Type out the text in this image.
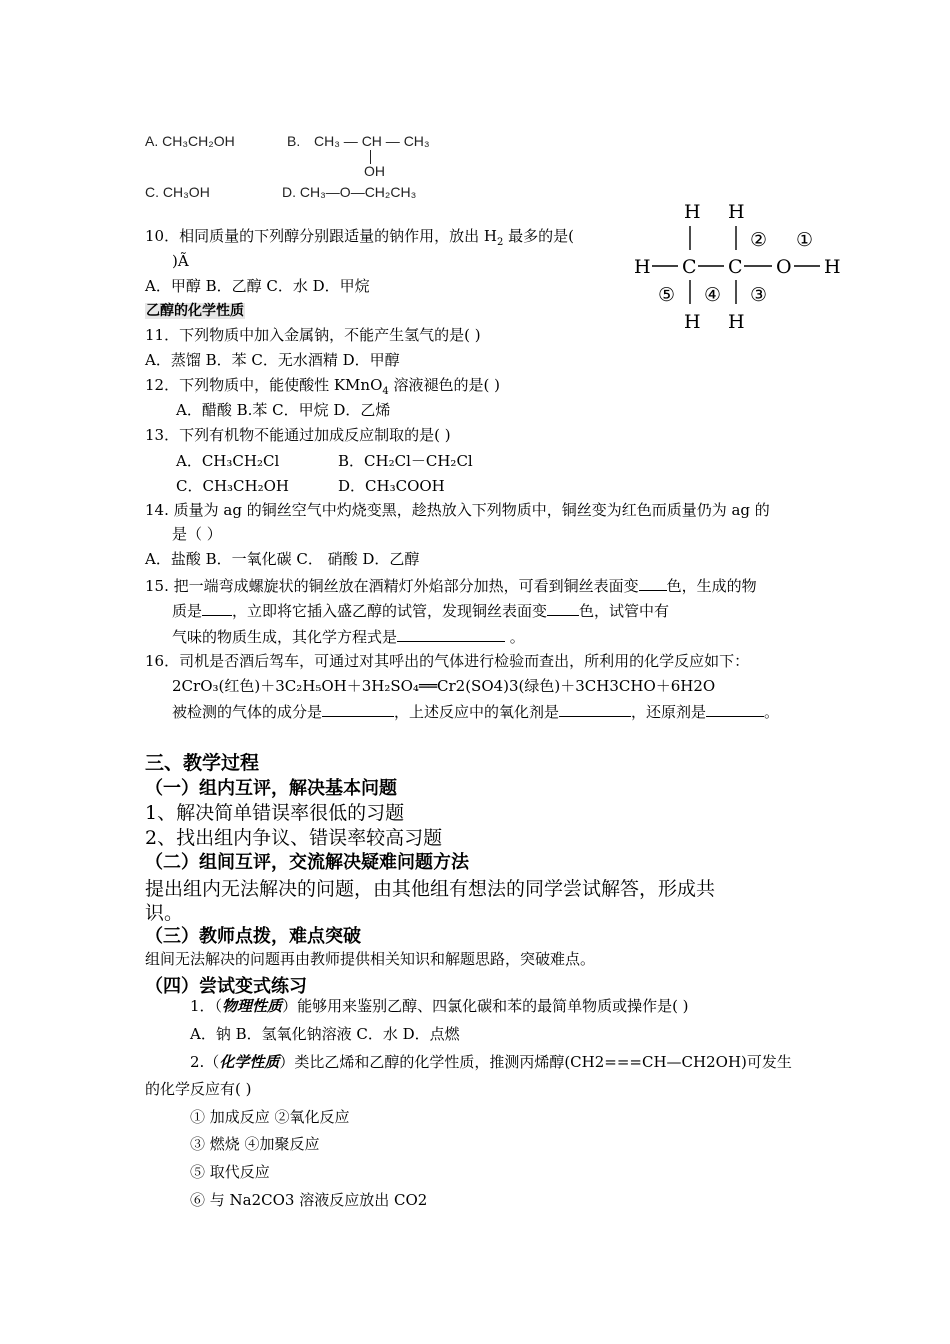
A. CH₃CH₂OH	B. CH₃ — CH — CH₃
OH
C. CH₃OH	D. CH₃—O—CH₂CH₃
H H
② ①
H C C O H
⑤ ④ ③
H H
10．相同质量的下列醇分别跟适量的钠作用，放出 $H_2$ 最多的是(
)Ã
A．甲醇 B．乙醇 C．水 D．甲烷
乙醇的化学性质
11．下列物质中加入金属钠，不能产生氢气的是( )
A．蒸馏 B．苯 C．无水酒精 D．甲醇
12．下列物质中，能使酸性 KMnO$_4$ 溶液褪色的是( )
A．醋酸 B.苯 C．甲烷 D．乙烯
13．下列有机物不能通过加成反应制取的是( )
A．CH₃CH₂Cl	B．CH₂Cl－CH₂Cl
C．CH₃CH₂OH	D．CH₃COOH
14. 质量为 ag 的铜丝空气中灼烧变黑，趁热放入下列物质中，铜丝变为红色而质量仍为 ag 的
是（ ）
A．盐酸 B．一氧化碳 C． 硝酸 D．乙醇
15. 把一端弯成螺旋状的铜丝放在酒精灯外焰部分加热，可看到铜丝表面变 色，生成的物
质是 ，立即将它插入盛乙醇的试管，发现铜丝表面变 色，试管中有
气味的物质生成，其化学方程式是	。
16．司机是否酒后驾车，可通过对其呼出的气体进行检验而查出，所利用的化学反应如下：
2CrO₃(红色)＋3C₂H₅OH＋3H₂SO₄══Cr2(SO4)3(绿色)＋3CH3CHO＋6H2O
被检测的气体的成分是	，上述反应中的氧化剂是	，还原剂是	。
三、教学过程
（一）组内互评，解决基本问题
1、解决简单错误率很低的习题
2、找出组内争议、错误率较高习题
（二）组间互评，交流解决疑难问题方法
提出组内无法解决的问题，由其他组有想法的同学尝试解答，形成共
识。
（三）教师点拨，难点突破
组间无法解决的问题再由教师提供相关知识和解题思路，突破难点。
（四）尝试变式练习
1．（物理性质）能够用来鉴别乙醇、四氯化碳和苯的最简单物质或操作是( )
A．钠 B．氢氧化钠溶液 C．水 D．点燃
2.（化学性质）类比乙烯和乙醇的化学性质，推测丙烯醇(CH2===CH—CH2OH)可发生
的化学反应有( )
① 加成反应 ②氧化反应
③ 燃烧 ④加聚反应
⑤ 取代反应
⑥ 与 Na2CO3 溶液反应放出 CO2
